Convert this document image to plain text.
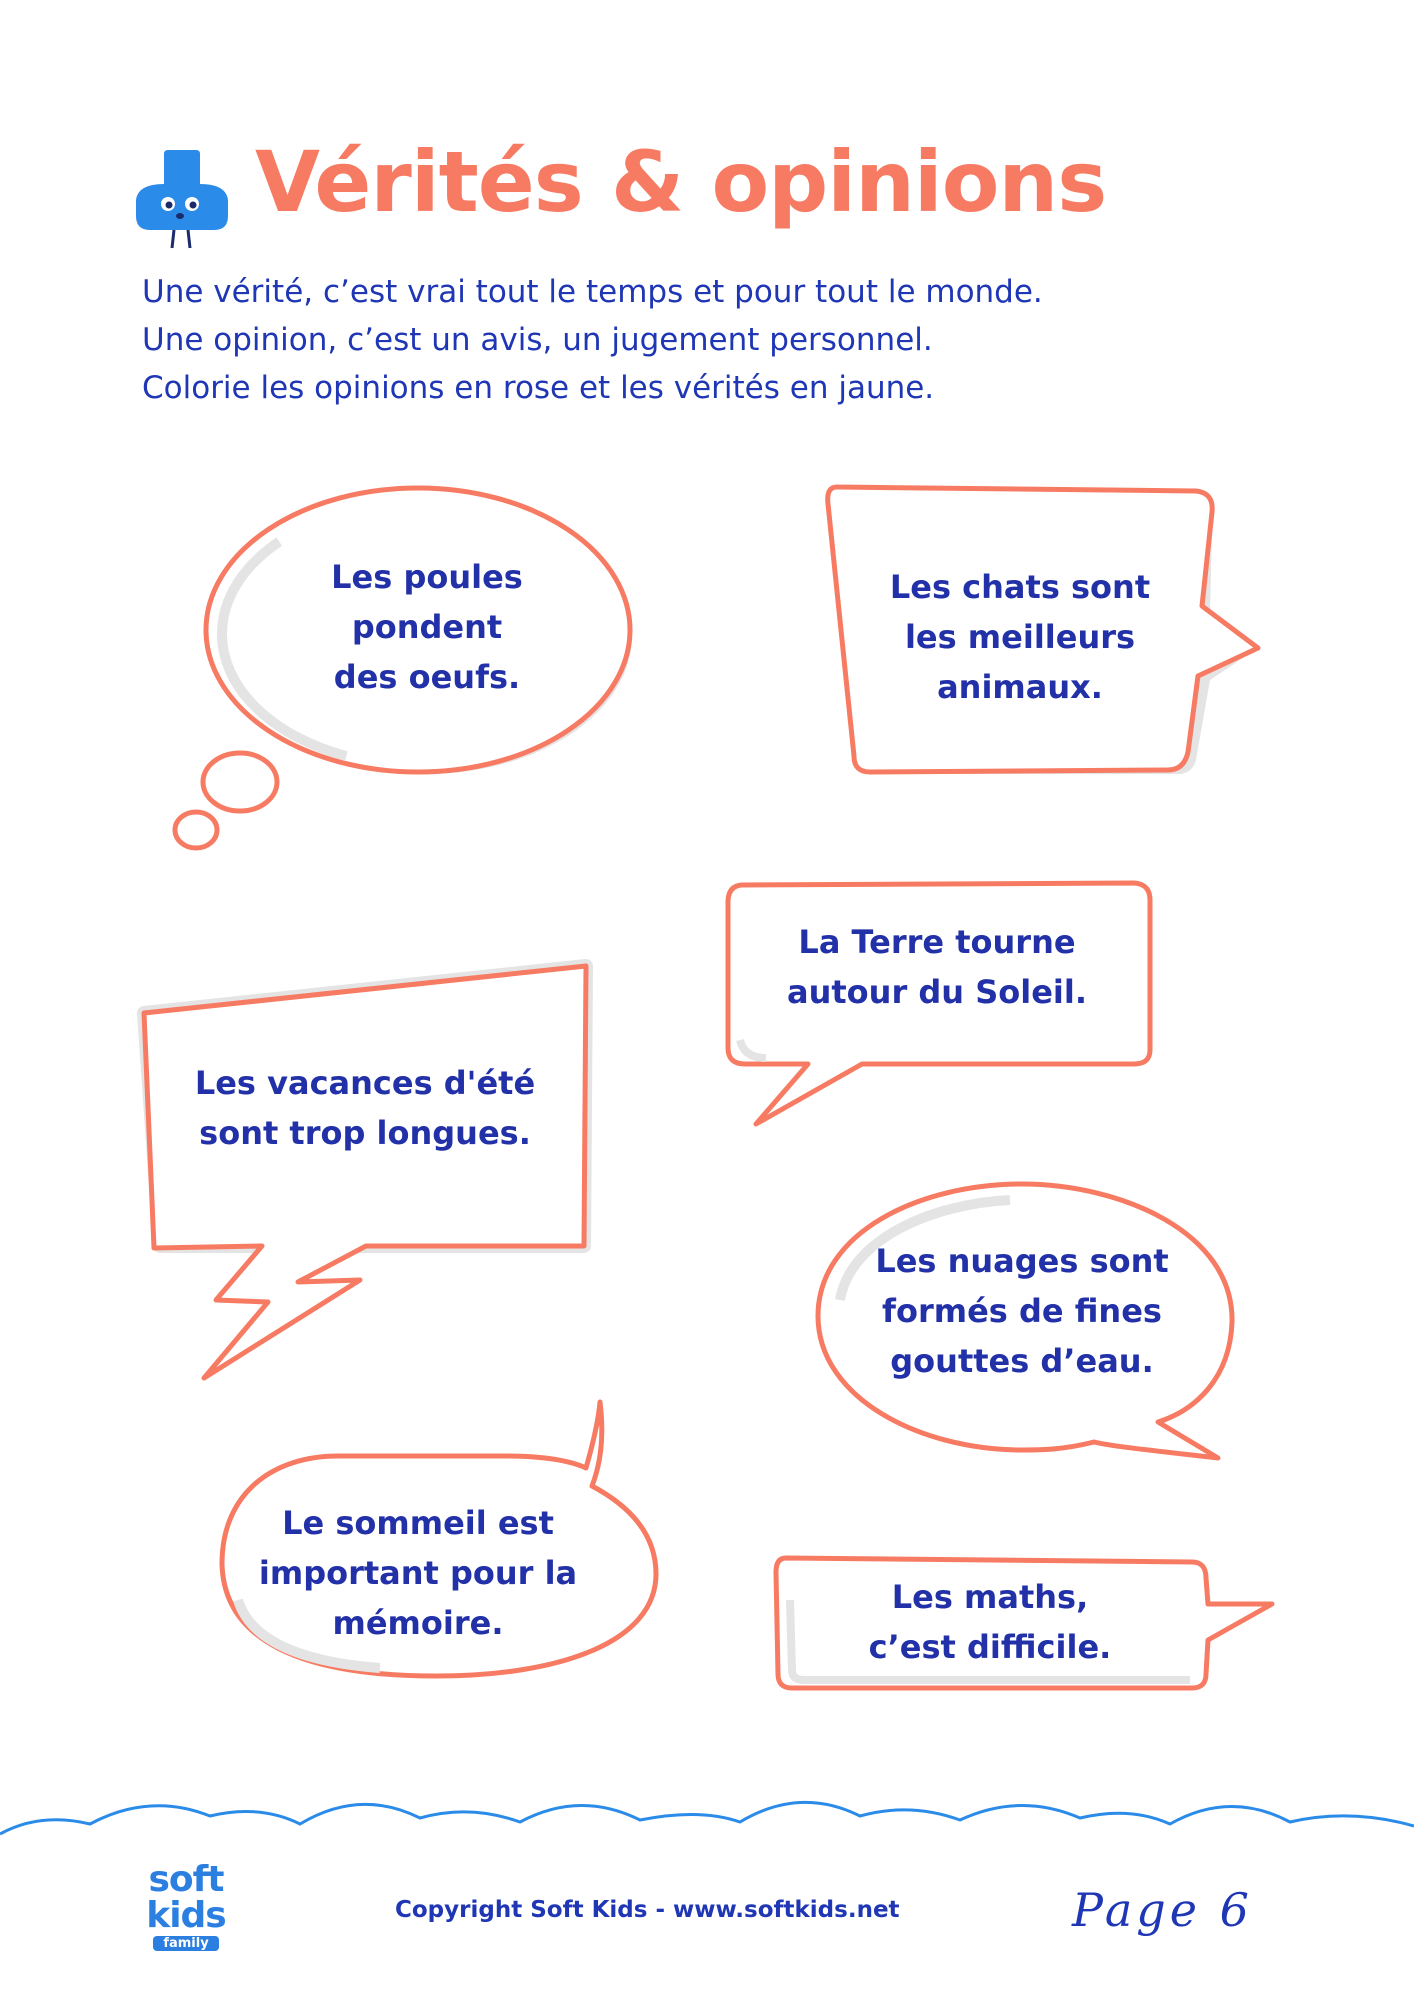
Vérités & opinions
Une vérité, c’est vrai tout le temps et pour tout le monde.
Une opinion, c’est un avis, un jugement personnel.
Colorie les opinions en rose et les vérités en jaune.
Les poules
pondent
des oeufs.
Les chats sont
les meilleurs
animaux.
La Terre tourne
autour du Soleil.
Les vacances d'été
sont trop longues.
Les nuages sont
formés de fines
gouttes d’eau.
Le sommeil est
important pour la
mémoire.
Les maths,
c’est difficile.
soft
kids
family
Copyright Soft Kids - www.softkids.net	Page 6
